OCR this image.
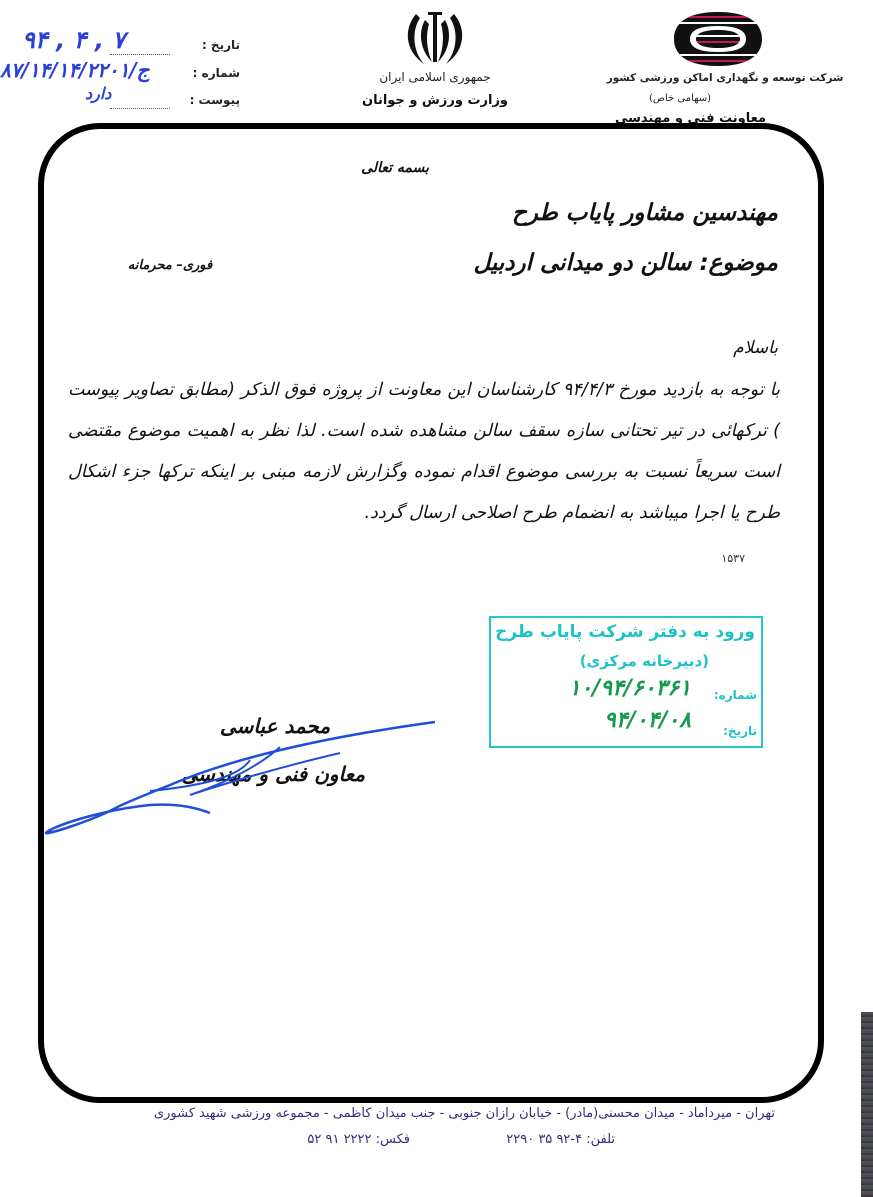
تاریخ :
۹۴ , ۴ , ۷
شماره :
ج/۸۷/۱۴/۱۴/۲۲۰۱
پیوست :
دارد
جمهوری اسلامی ایران
وزارت ورزش و جوانان
شرکت توسعه و نگهداری اماکن ورزشی کشور
(سهامی خاص)
معاونت فنی و مهندسی
بسمه تعالی
مهندسین مشاور پایاب طرح
موضوع: سالن دو میدانی اردبیل
فوری– محرمانه
باسلام
با توجه به بازدید مورخ ۹۴/۴/۳ کارشناسان این معاونت از پروژه فوق الذکر (مطابق تصاویر پیوست ) ترکهائی در تیر تحتانی سازه سقف سالن مشاهده شده است. لذا نظر به اهمیت موضوع مقتضی است سریعاً نسبت به بررسی موضوع اقدام نموده وگزارش لازمه مبنی بر اینکه ترکها جزء اشکال طرح یا اجرا میباشد به انضمام طرح اصلاحی ارسال گردد.
۱۵۳۷
ورود به دفتر شرکت پایاب طرح
(دبیرخانه مرکزی)
شماره:
۱۰/۹۴/۶۰۳۶۱
تاریخ:
۹۴/۰۴/۰۸
محمد عباسی
معاون فنی و مهندسی
تهران - میرداماد - میدان محسنی(مادر) - خیابان رازان جنوبی - جنب میدان کاظمی - مجموعه ورزشی شهید کشوری
تلفن: ۴-۹۲ ۳۵ ۲۲۹۰
فکس: ۲۲۲۲ ۹۱ ۵۲
